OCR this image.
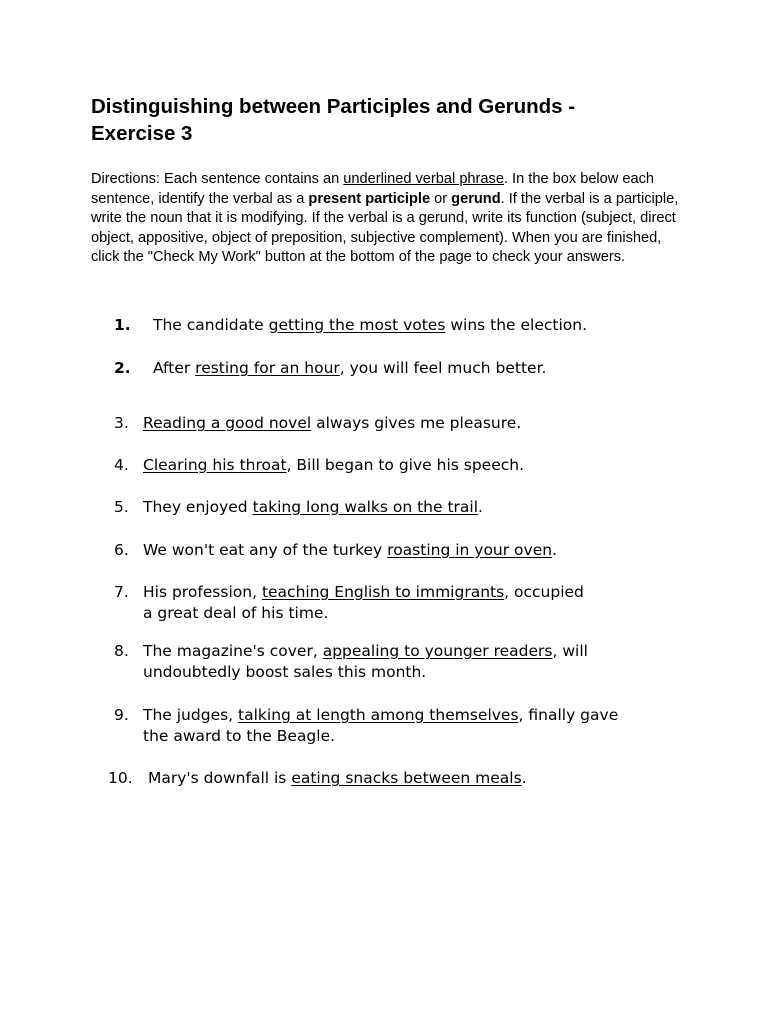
Distinguishing between Participles and Gerunds -
Exercise 3

Directions: Each sentence contains an underlined verbal phrase. In the box below each sentence, identify the verbal as a present participle or gerund. If the verbal is a participle, write the noun that it is modifying. If the verbal is a gerund, write its function (subject, direct object, appositive, object of preposition, subjective complement). When you are finished, click the "Check My Work" button at the bottom of the page to check your answers.

1. The candidate getting the most votes wins the election.

2. After resting for an hour, you will feel much better.

3. Reading a good novel always gives me pleasure.

4. Clearing his throat, Bill began to give his speech.

5. They enjoyed taking long walks on the trail.

6. We won't eat any of the turkey roasting in your oven.

7. His profession, teaching English to immigrants, occupied
a great deal of his time.

8. The magazine's cover, appealing to younger readers, will
undoubtedly boost sales this month.

9. The judges, talking at length among themselves, finally gave
the award to the Beagle.

10. Mary's downfall is eating snacks between meals.
